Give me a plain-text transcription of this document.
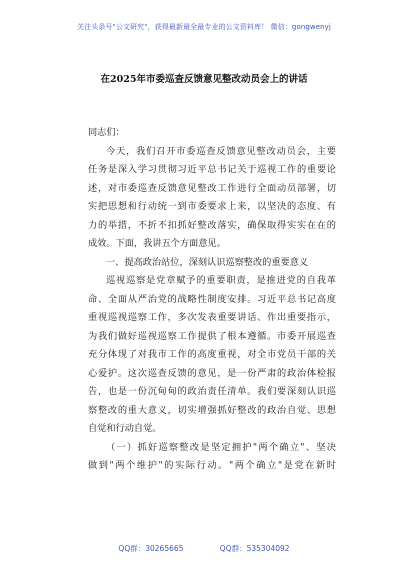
关注头条号"公文研究"，获得最新最全最专业的公文资料库！ 微信：gongwenyj
在2025年市委巡查反馈意见整改动员会上的讲话
同志们：
今天，我们召开市委巡查反馈意见整改动员会，主要
任务是深入学习贯彻习近平总书记关于巡视工作的重要论
述，对市委巡查反馈意见整改工作进行全面动员部署，切
实把思想和行动统一到市委要求上来，以坚决的态度、有
力的举措，不折不扣抓好整改落实，确保取得实实在在的
成效。下面，我讲五个方面意见。
一、提高政治站位，深刻认识巡察整改的重要意义
巡视巡察是党章赋予的重要职责，是推进党的自我革
命、全面从严治党的战略性制度安排。习近平总书记高度
重视巡视巡察工作，多次发表重要讲话、作出重要指示，
为我们做好巡视巡察工作提供了根本遵循。市委开展巡查
充分体现了对我市工作的高度重视，对全市党员干部的关
心爱护。这次巡查反馈的意见，是一份严肃的政治体检报
告，也是一份沉甸甸的政治责任清单。我们要深刻认识巡
察整改的重大意义，切实增强抓好整改的政治自觉、思想
自觉和行动自觉。
（一）抓好巡察整改是坚定拥护"两个确立"、坚决
做到"两个维护"的实际行动。"两个确立"是党在新时
QQ群：30265665	QQ群：535304092
